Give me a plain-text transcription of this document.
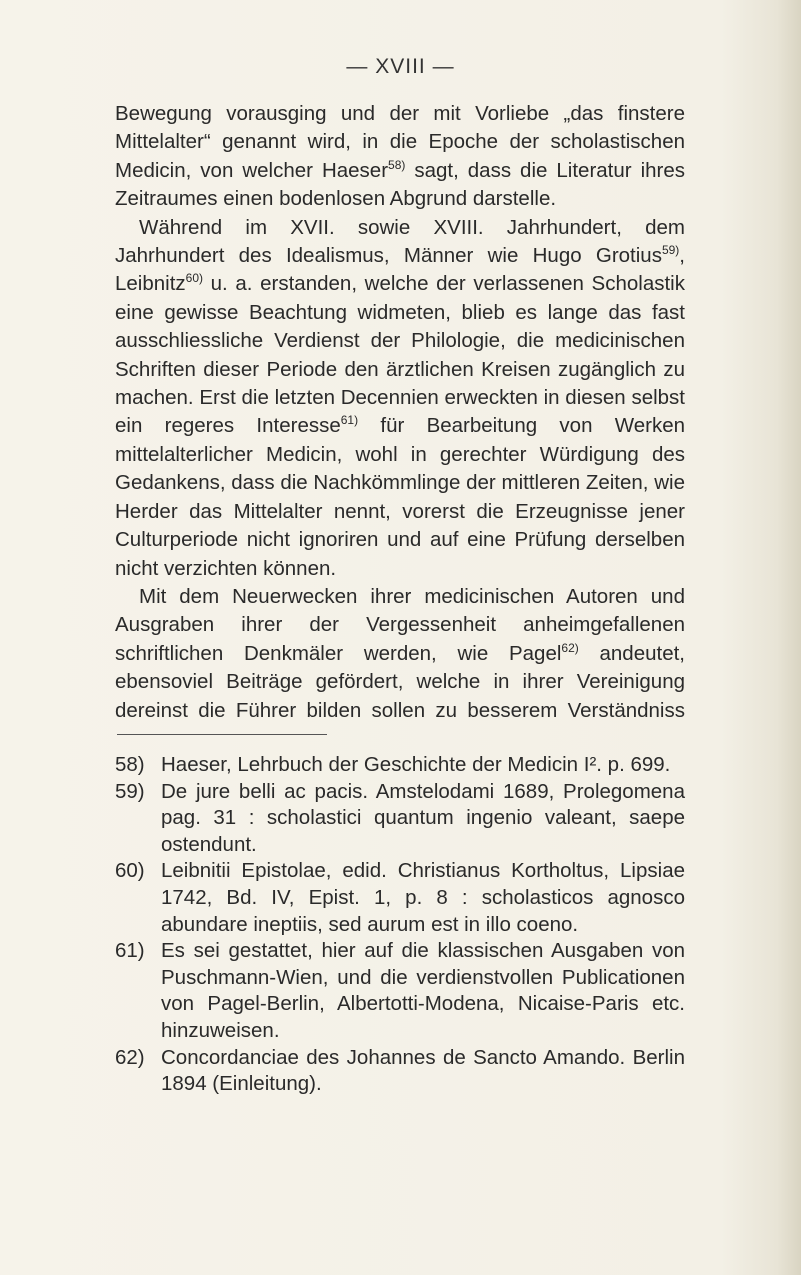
— XVIII —

Bewegung vorausging und der mit Vorliebe „das finstere Mittelalter“ genannt wird, in die Epoche der scholastischen Medicin, von welcher Haeser$^{58)}$ sagt, dass die Literatur ihres Zeitraumes einen bodenlosen Abgrund darstelle.

Während im XVII. sowie XVIII. Jahrhundert, dem Jahrhundert des Idealismus, Männer wie Hugo Grotius$^{59)}$, Leibnitz$^{60)}$ u. a. erstanden, welche der verlassenen Scholastik eine gewisse Beachtung widmeten, blieb es lange das fast ausschliessliche Verdienst der Philologie, die medicinischen Schriften dieser Periode den ärztlichen Kreisen zugänglich zu machen. Erst die letzten Decennien erweckten in diesen selbst ein regeres Interesse$^{61)}$ für Bearbeitung von Werken mittelalterlicher Medicin, wohl in gerechter Würdigung des Gedankens, dass die Nachkömmlinge der mittleren Zeiten, wie Herder das Mittelalter nennt, vorerst die Erzeugnisse jener Culturperiode nicht ignoriren und auf eine Prüfung derselben nicht verzichten können.

Mit dem Neuerwecken ihrer medicinischen Autoren und Ausgraben ihrer der Vergessenheit anheimgefallenen schriftlichen Denkmäler werden, wie Pagel$^{62)}$ andeutet, ebensoviel Beiträge gefördert, welche in ihrer Vereinigung dereinst die Führer bilden sollen zu besserem Verständniss

58) Haeser, Lehrbuch der Geschichte der Medicin I². p. 699.
59) De jure belli ac pacis. Amstelodami 1689, Prolegomena pag. 31 : scholastici quantum ingenio valeant, saepe ostendunt.
60) Leibnitii Epistolae, edid. Christianus Kortholtus, Lipsiae 1742, Bd. IV, Epist. 1, p. 8 : scholasticos agnosco abundare ineptiis, sed aurum est in illo coeno.
61) Es sei gestattet, hier auf die klassischen Ausgaben von Puschmann-Wien, und die verdienstvollen Publicationen von Pagel-Berlin, Albertotti-Modena, Nicaise-Paris etc. hinzuweisen.
62) Concordanciae des Johannes de Sancto Amando. Berlin 1894 (Einleitung).
